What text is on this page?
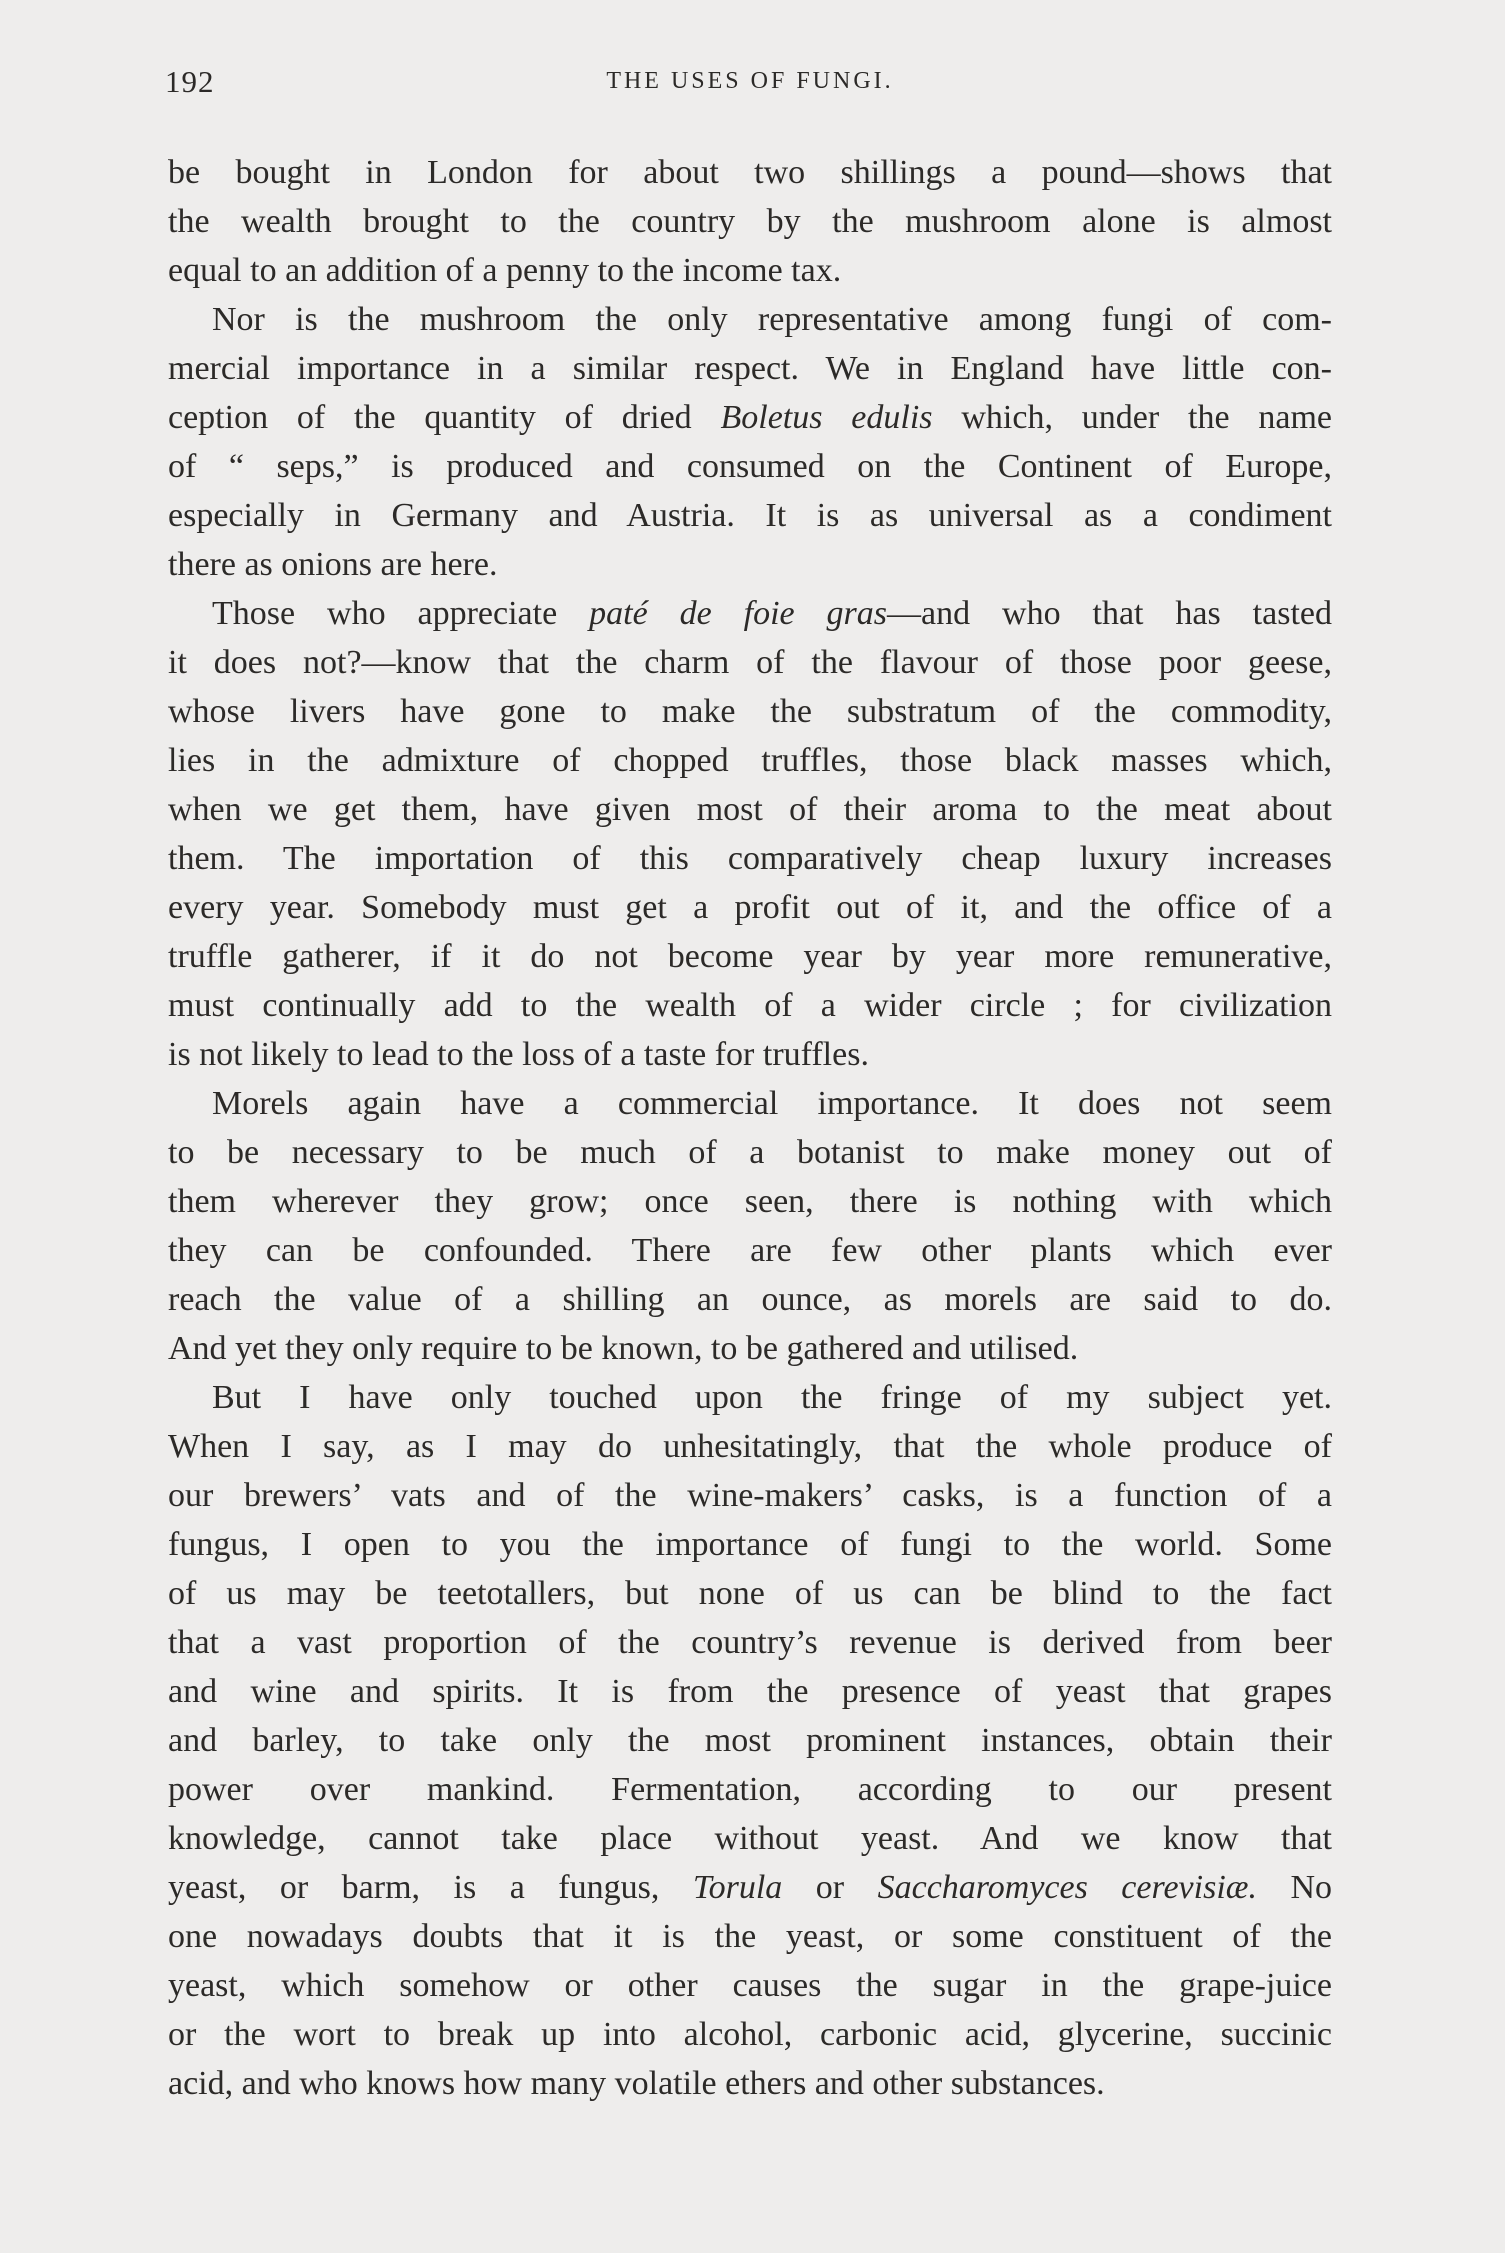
192	THE USES OF FUNGI.
be bought in London for about two shillings a pound—shows that
the wealth brought to the country by the mushroom alone is almost
equal to an addition of a penny to the income tax.
Nor is the mushroom the only representative among fungi of com-
mercial importance in a similar respect. We in England have little con-
ception of the quantity of dried Boletus edulis which, under the name
of “ seps,” is produced and consumed on the Continent of Europe,
especially in Germany and Austria. It is as universal as a condiment
there as onions are here.
Those who appreciate paté de foie gras—and who that has tasted
it does not?—know that the charm of the flavour of those poor geese,
whose livers have gone to make the substratum of the commodity,
lies in the admixture of chopped truffles, those black masses which,
when we get them, have given most of their aroma to the meat about
them. The importation of this comparatively cheap luxury increases
every year. Somebody must get a profit out of it, and the office of a
truffle gatherer, if it do not become year by year more remunerative,
must continually add to the wealth of a wider circle ; for civilization
is not likely to lead to the loss of a taste for truffles.
Morels again have a commercial importance. It does not seem
to be necessary to be much of a botanist to make money out of
them wherever they grow; once seen, there is nothing with which
they can be confounded. There are few other plants which ever
reach the value of a shilling an ounce, as morels are said to do.
And yet they only require to be known, to be gathered and utilised.
But I have only touched upon the fringe of my subject yet.
When I say, as I may do unhesitatingly, that the whole produce of
our brewers’ vats and of the wine-makers’ casks, is a function of a
fungus, I open to you the importance of fungi to the world. Some
of us may be teetotallers, but none of us can be blind to the fact
that a vast proportion of the country’s revenue is derived from beer
and wine and spirits. It is from the presence of yeast that grapes
and barley, to take only the most prominent instances, obtain their
power over mankind. Fermentation, according to our present
knowledge, cannot take place without yeast. And we know that
yeast, or barm, is a fungus, Torula or Saccharomyces cerevisiæ. No
one nowadays doubts that it is the yeast, or some constituent of the
yeast, which somehow or other causes the sugar in the grape-juice
or the wort to break up into alcohol, carbonic acid, glycerine, succinic
acid, and who knows how many volatile ethers and other substances.
